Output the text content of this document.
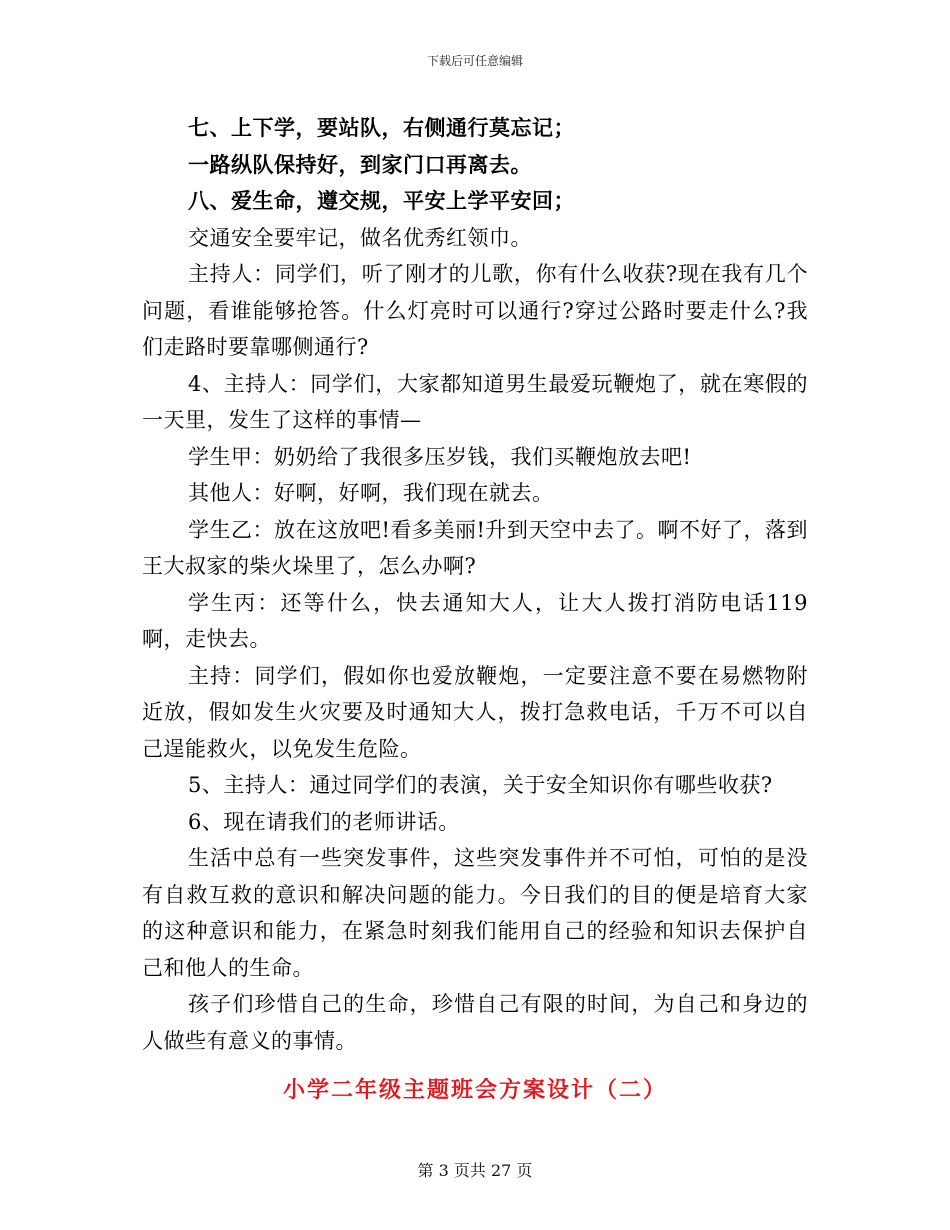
下载后可任意编辑

七、上下学，要站队，右侧通行莫忘记；

一路纵队保持好，到家门口再离去。

八、爱生命，遵交规，平安上学平安回；

交通安全要牢记，做名优秀红领巾。

主持人：同学们，听了刚才的儿歌，你有什么收获?现在我有几个问题，看谁能够抢答。什么灯亮时可以通行?穿过公路时要走什么?我们走路时要靠哪侧通行?

4、主持人：同学们，大家都知道男生最爱玩鞭炮了，就在寒假的一天里，发生了这样的事情—

学生甲：奶奶给了我很多压岁钱，我们买鞭炮放去吧!

其他人：好啊，好啊，我们现在就去。

学生乙：放在这放吧!看多美丽!升到天空中去了。啊不好了，落到王大叔家的柴火垛里了，怎么办啊?

学生丙：还等什么，快去通知大人，让大人拨打消防电话119啊，走快去。

主持：同学们，假如你也爱放鞭炮，一定要注意不要在易燃物附近放，假如发生火灾要及时通知大人，拨打急救电话，千万不可以自己逞能救火，以免发生危险。

5、主持人：通过同学们的表演，关于安全知识你有哪些收获?

6、现在请我们的老师讲话。

生活中总有一些突发事件，这些突发事件并不可怕，可怕的是没有自救互救的意识和解决问题的能力。今日我们的目的便是培育大家的这种意识和能力，在紧急时刻我们能用自己的经验和知识去保护自己和他人的生命。

孩子们珍惜自己的生命，珍惜自己有限的时间，为自己和身边的人做些有意义的事情。

小学二年级主题班会方案设计（二）
第 3 页共 27 页
